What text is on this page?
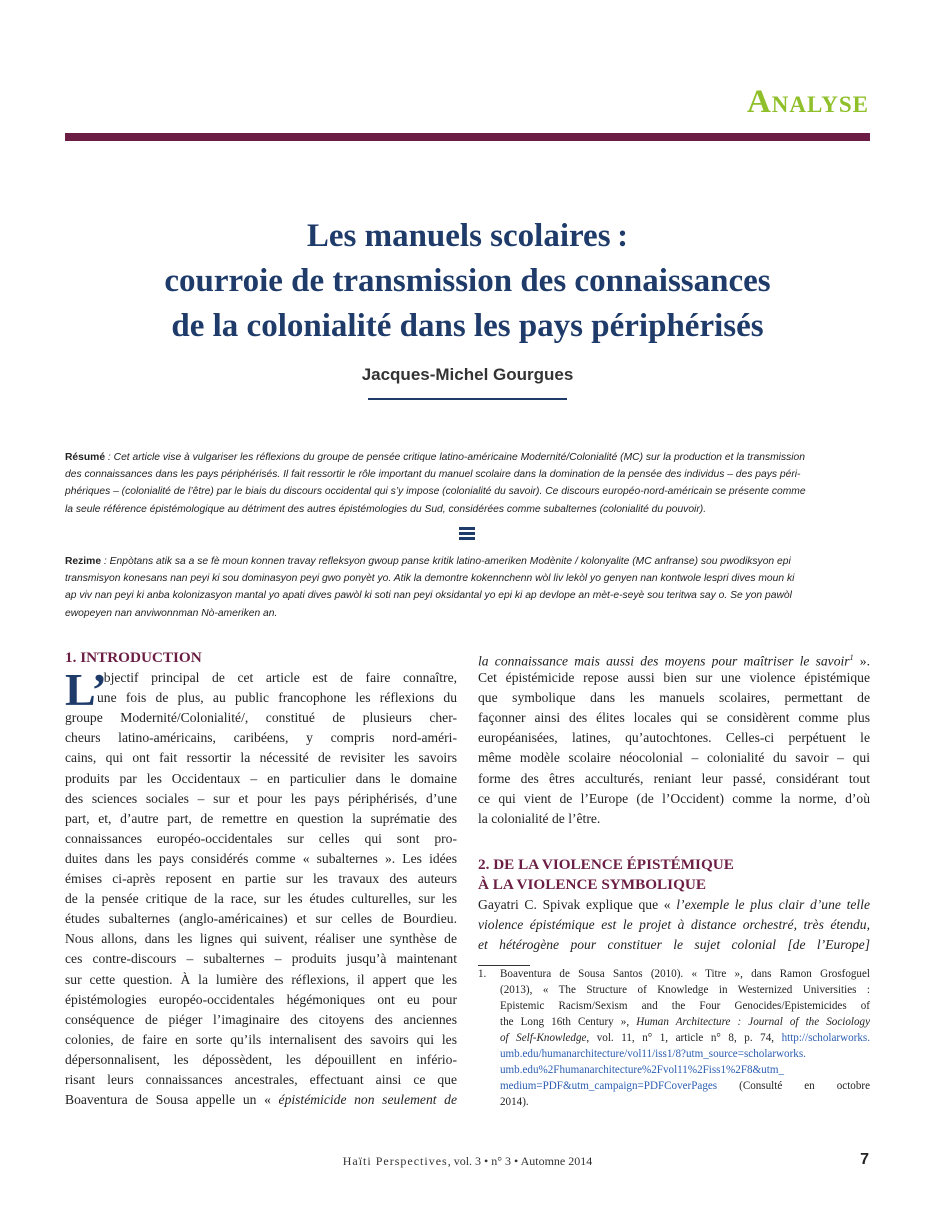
Analyse
Les manuels scolaires :
courroie de transmission des connaissances
de la colonialité dans les pays périphérisés

Jacques-Michel Gourgues

Résumé : Cet article vise à vulgariser les réflexions du groupe de pensée critique latino-américaine Modernité/Colonialité (MC) sur la production et la transmission
des connaissances dans les pays périphérisés. Il fait ressortir le rôle important du manuel scolaire dans la domination de la pensée des individus – des pays péri-
phériques – (colonialité de l’être) par le biais du discours occidental qui s’y impose (colonialité du savoir). Ce discours européo-nord-américain se présente comme
la seule référence épistémologique au détriment des autres épistémologies du Sud, considérées comme subalternes (colonialité du pouvoir).
Rezime : Enpòtans atik sa a se fè moun konnen travay refleksyon gwoup panse kritik latino-ameriken Modènite / kolonyalite (MC anfranse) sou pwodiksyon epi
transmisyon konesans nan peyi ki sou dominasyon peyi gwo ponyèt yo. Atik la demontre kokennchenn wòl liv lekòl yo genyen nan kontwole lespri dives moun ki
ap viv nan peyi ki anba kolonizasyon mantal yo apati dives pawòl ki soti nan peyi oksidantal yo epi ki ap devlope an mèt-e-seyè sou teritwa say o. Se yon pawòl
ewopeyen nan anviwonnman Nò-ameriken an.

1. INTRODUCTION

L’
objectif principal de cet article est de faire connaître,
une fois de plus, au public francophone les réflexions du
groupe Modernité/Colonialité/, constitué de plusieurs cher-
cheurs latino-américains, caribéens, y compris nord-améri-
cains, qui ont fait ressortir la nécessité de revisiter les savoirs
produits par les Occidentaux – en particulier dans le domaine
des sciences sociales – sur et pour les pays périphérisés, d’une
part, et, d’autre part, de remettre en question la suprématie des
connaissances européo-occidentales sur celles qui sont pro-
duites dans les pays considérés comme « subalternes ». Les idées
émises ci-après reposent en partie sur les travaux des auteurs
de la pensée critique de la race, sur les études culturelles, sur les
études subalternes (anglo-américaines) et sur celles de Bourdieu.
Nous allons, dans les lignes qui suivent, réaliser une synthèse de
ces contre-discours – subalternes – produits jusqu’à maintenant
sur cette question. À la lumière des réflexions, il appert que les
épistémologies européo-occidentales hégémoniques ont eu pour
conséquence de piéger l’imaginaire des citoyens des anciennes
colonies, de faire en sorte qu’ils internalisent des savoirs qui les
dépersonnalisent, les dépossèdent, les dépouillent en infério-
risant leurs connaissances ancestrales, effectuant ainsi ce que
Boaventura de Sousa appelle un « épistémicide non seulement de
la connaissance mais aussi des moyens pour maîtriser le savoir$^1$ ».
Cet épistémicide repose aussi bien sur une violence épistémique
que symbolique dans les manuels scolaires, permettant de
façonner ainsi des élites locales qui se considèrent comme plus
européanisées, latines, qu’autochtones. Celles-ci perpétuent le
même modèle scolaire néocolonial – colonialité du savoir – qui
forme des êtres acculturés, reniant leur passé, considérant tout
ce qui vient de l’Europe (de l’Occident) comme la norme, d’où
la colonialité de l’être.

2. DE LA VIOLENCE ÉPISTÉMIQUE
À LA VIOLENCE SYMBOLIQUE

Gayatri C. Spivak explique que « l’exemple le plus clair d’une telle
violence épistémique est le projet à distance orchestré, très étendu,
et hétérogène pour constituer le sujet colonial [de l’Europe]
1. Boaventura de Sousa Santos (2010). « Titre », dans Ramon Grosfoguel
(2013), « The Structure of Knowledge in Westernized Universities :
Epistemic Racism/Sexism and the Four Genocides/Epistemicides of
the Long 16th Century », Human Architecture : Journal of the Sociology
of Self-Knowledge, vol. 11, n° 1, article n° 8, p. 74, http://scholarworks.
umb.edu/humanarchitecture/vol11/iss1/8?utm_source=scholarworks.
umb.edu%2Fhumanarchitecture%2Fvol11%2Fiss1%2F8&utm_
medium=PDF&utm_campaign=PDFCoverPages (Consulté en octobre
2014).

Haïti Perspectives, vol. 3 • n° 3 • Automne 2014	7
